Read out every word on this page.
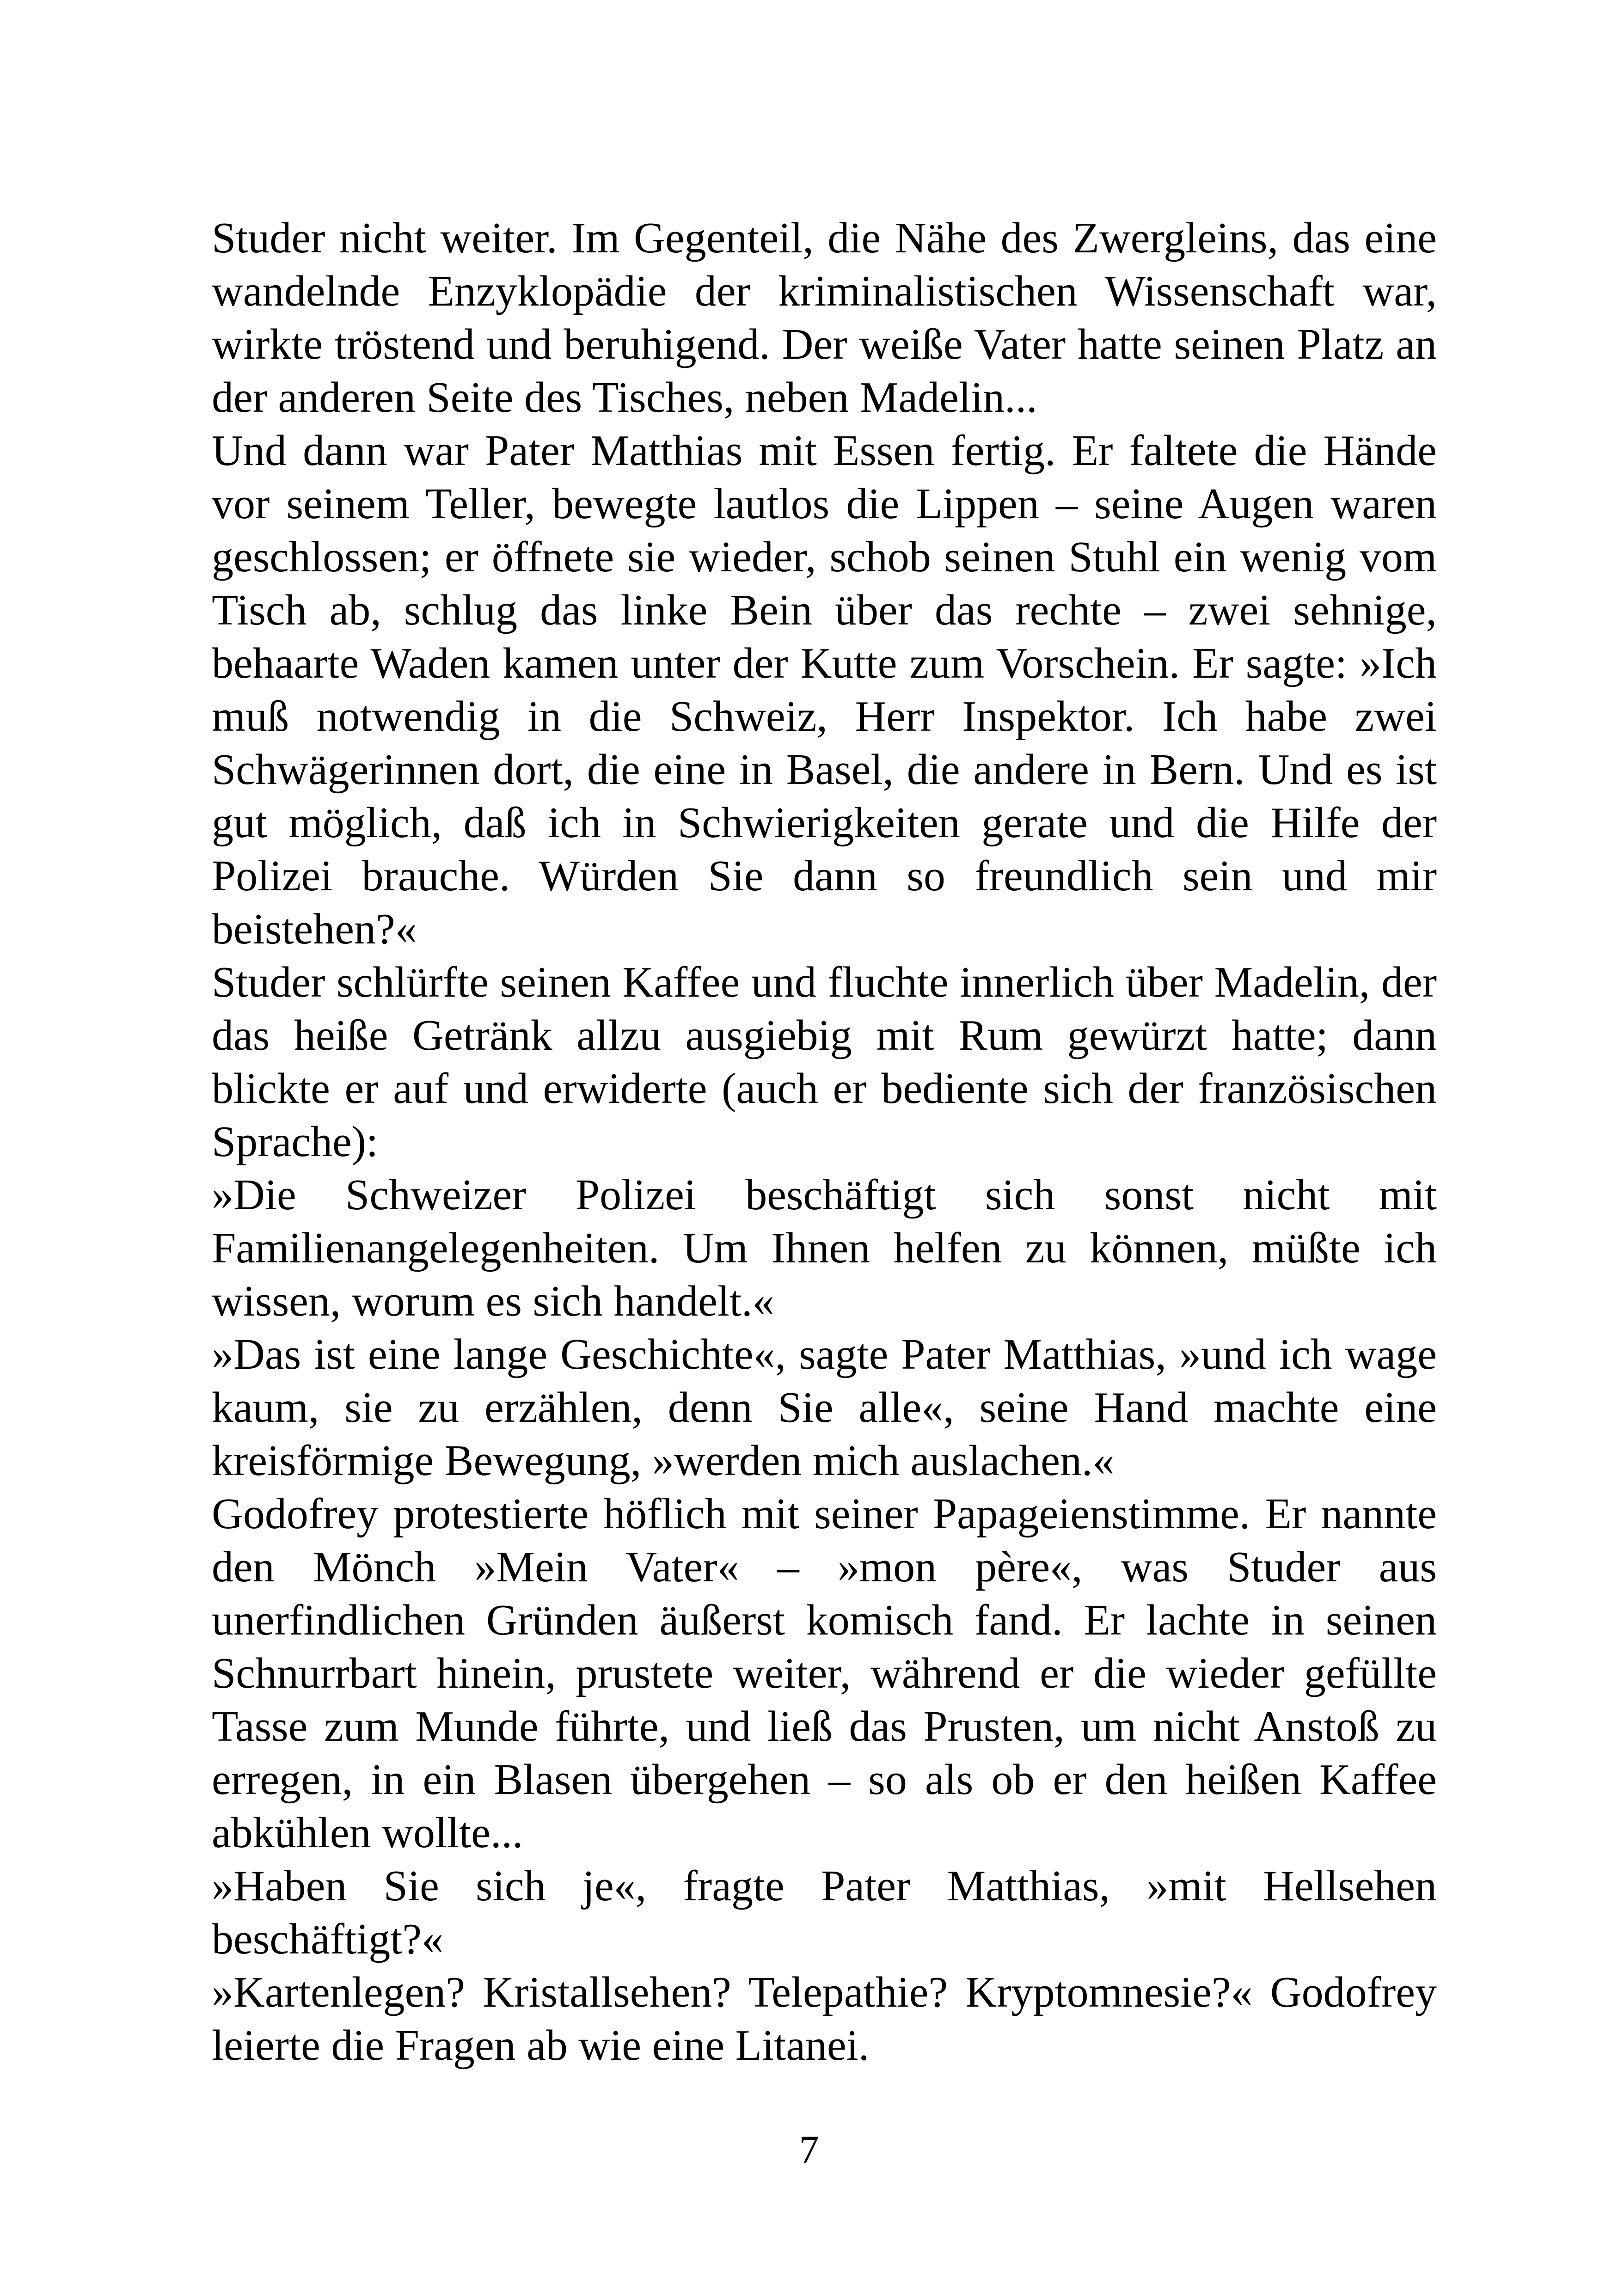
Studer nicht weiter. Im Gegenteil, die Nähe des Zwergleins, das eine wandelnde Enzyklopädie der kriminalistischen Wissenschaft war, wirkte tröstend und beruhigend. Der weiße Vater hatte seinen Platz an der anderen Seite des Tisches, neben Madelin...

Und dann war Pater Matthias mit Essen fertig. Er faltete die Hände vor seinem Teller, bewegte lautlos die Lippen – seine Augen waren geschlossen; er öffnete sie wieder, schob seinen Stuhl ein wenig vom Tisch ab, schlug das linke Bein über das rechte – zwei sehnige, behaarte Waden kamen unter der Kutte zum Vorschein. Er sagte: »Ich muß notwendig in die Schweiz, Herr Inspektor. Ich habe zwei Schwägerinnen dort, die eine in Basel, die andere in Bern. Und es ist gut möglich, daß ich in Schwierigkeiten gerate und die Hilfe der Polizei brauche. Würden Sie dann so freundlich sein und mir beistehen?«

Studer schlürfte seinen Kaffee und fluchte innerlich über Madelin, der das heiße Getränk allzu ausgiebig mit Rum gewürzt hatte; dann blickte er auf und erwiderte (auch er bediente sich der französischen Sprache):

»Die Schweizer Polizei beschäftigt sich sonst nicht mit Familienangelegenheiten. Um Ihnen helfen zu können, müßte ich wissen, worum es sich handelt.«

»Das ist eine lange Geschichte«, sagte Pater Matthias, »und ich wage kaum, sie zu erzählen, denn Sie alle«, seine Hand machte eine kreisförmige Bewegung, »werden mich auslachen.«

Godofrey protestierte höflich mit seiner Papageienstimme. Er nannte den Mönch »Mein Vater« – »mon père«, was Studer aus unerfindlichen Gründen äußerst komisch fand. Er lachte in seinen Schnurrbart hinein, prustete weiter, während er die wieder gefüllte Tasse zum Munde führte, und ließ das Prusten, um nicht Anstoß zu erregen, in ein Blasen übergehen – so als ob er den heißen Kaffee abkühlen wollte...

»Haben Sie sich je«, fragte Pater Matthias, »mit Hellsehen beschäftigt?«

»Kartenlegen? Kristallsehen? Telepathie? Kryptomnesie?« Godofrey leierte die Fragen ab wie eine Litanei.

7
